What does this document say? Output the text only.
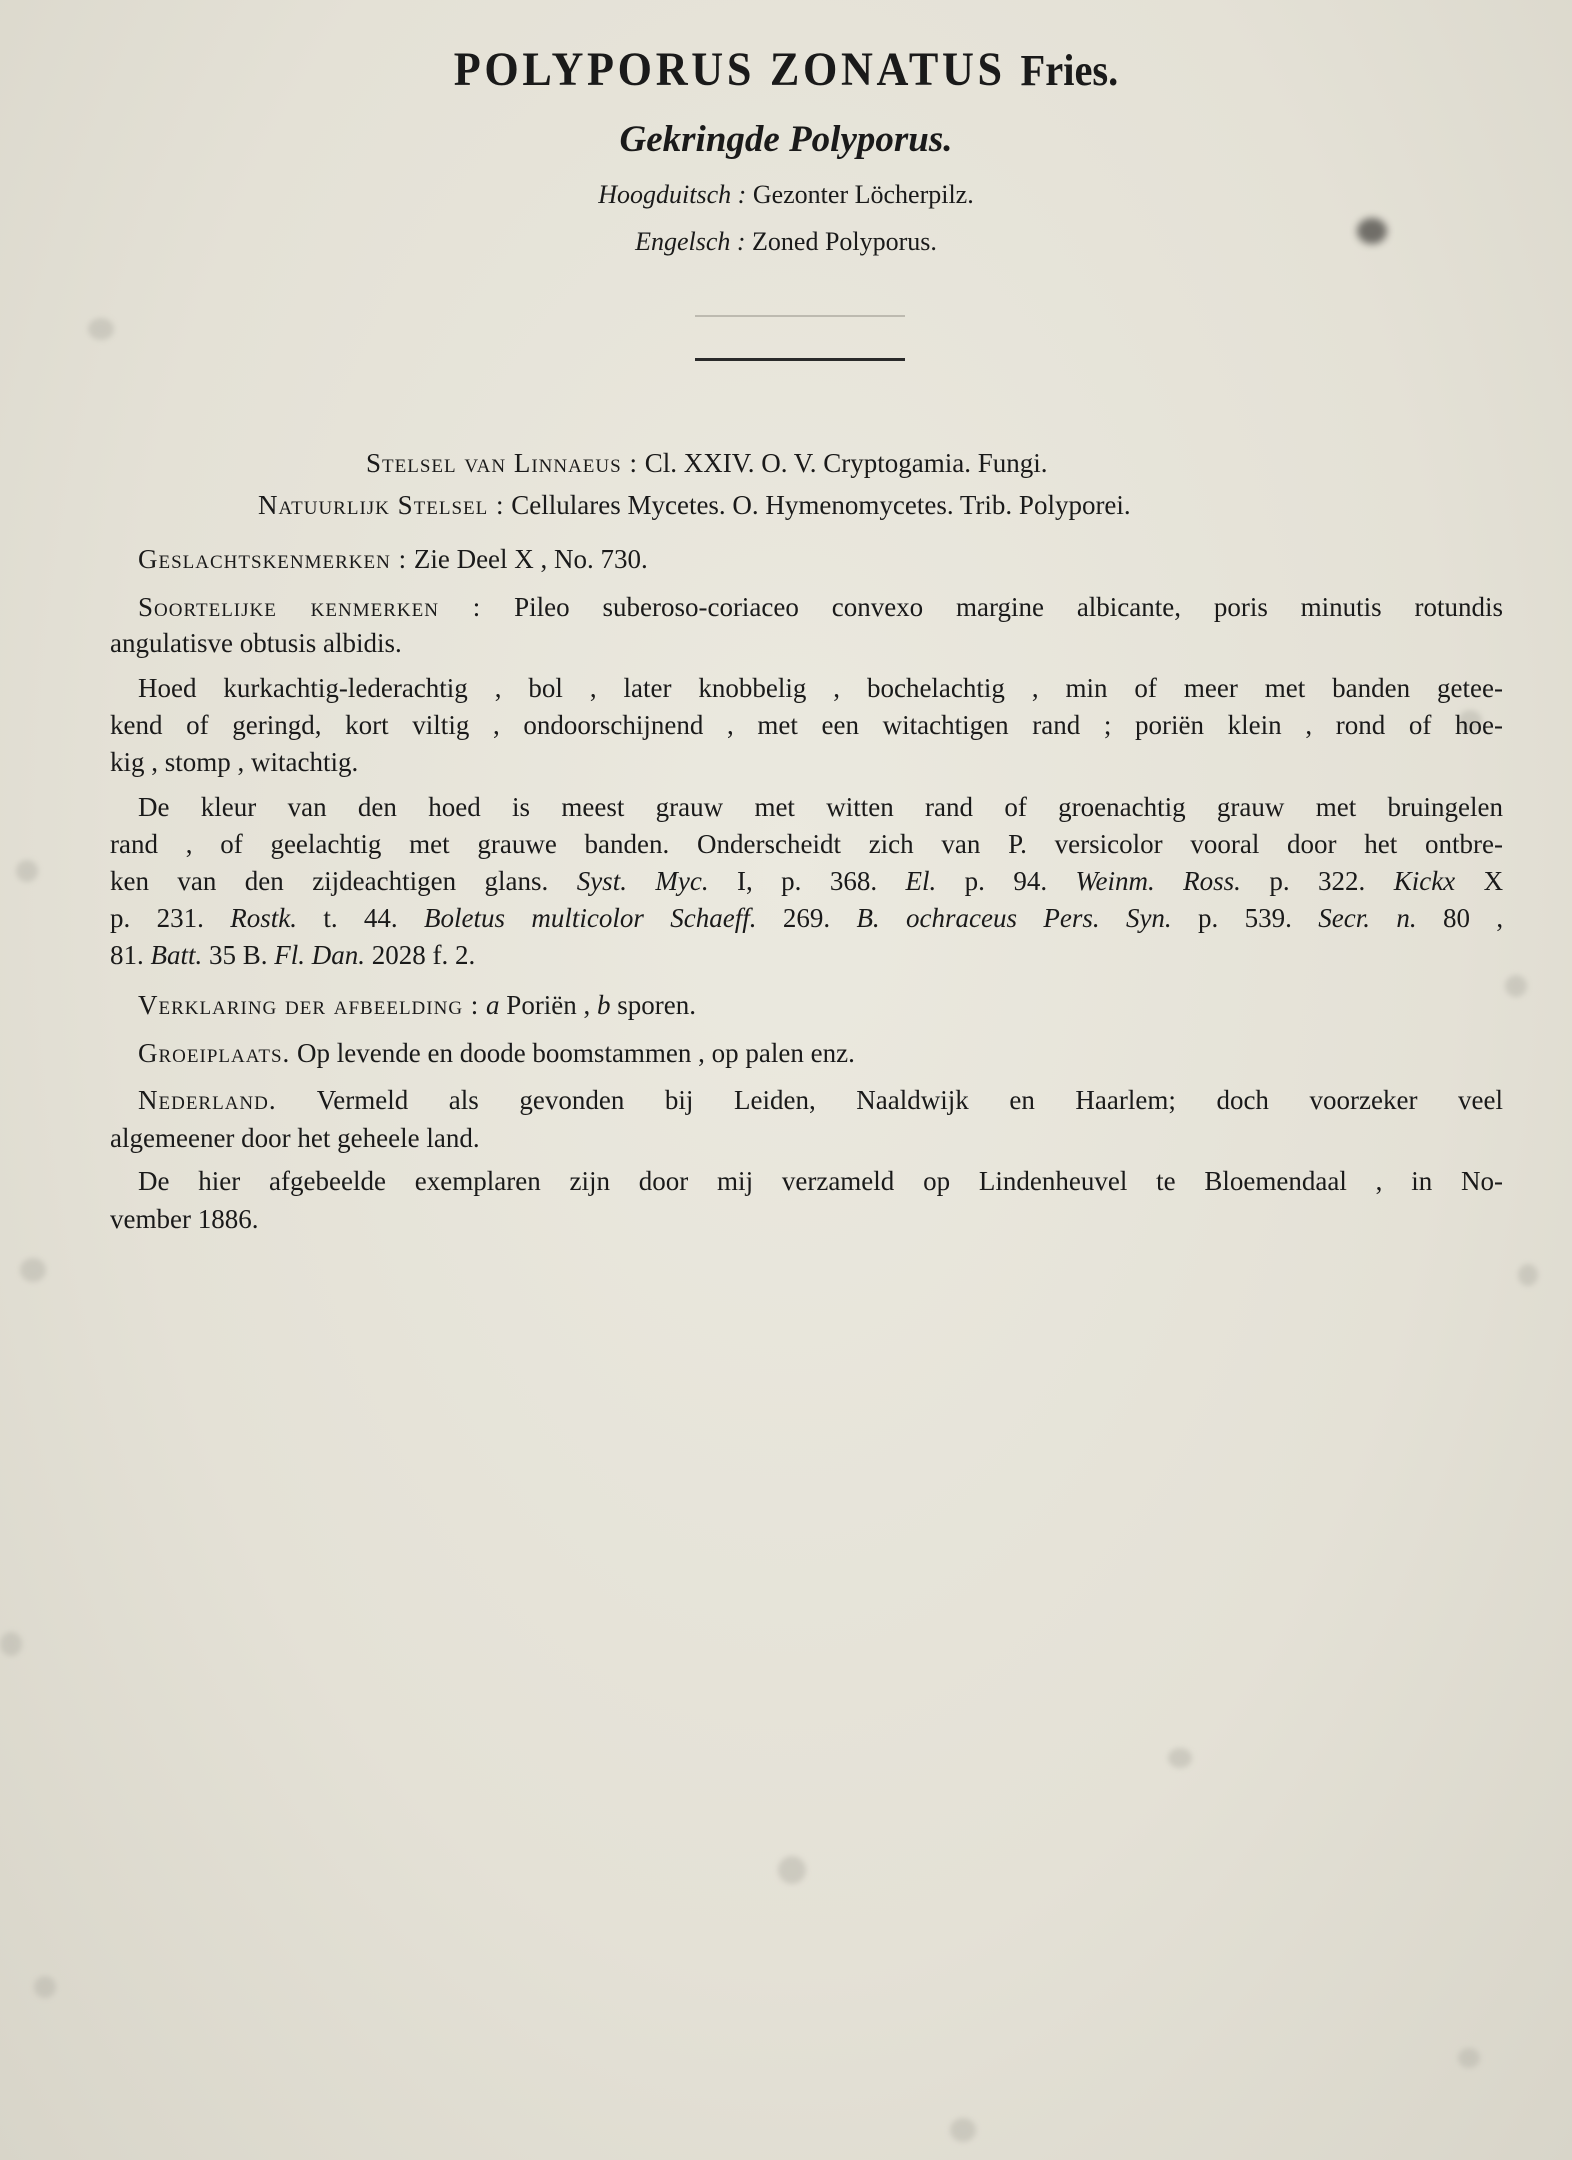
POLYPORUS ZONATUS Fries.
Gekringde Polyporus.
Hoogduitsch : Gezonter Löcherpilz.
Engelsch : Zoned Polyporus.
Stelsel van Linnaeus : Cl. XXIV. O. V. Cryptogamia. Fungi.
Natuurlijk Stelsel : Cellulares Mycetes. O. Hymenomycetes. Trib. Polyporei.
Geslachtskenmerken : Zie Deel X , No. 730.
Soortelijke kenmerken : Pileo suberoso-coriaceo convexo margine albicante, poris minutis rotundis
angulatisve obtusis albidis.
Hoed kurkachtig-lederachtig , bol , later knobbelig , bochelachtig , min of meer met banden getee-
kend of geringd, kort viltig , ondoorschijnend , met een witachtigen rand ; poriën klein , rond of hoe-
kig , stomp , witachtig.
De kleur van den hoed is meest grauw met witten rand of groenachtig grauw met bruingelen
rand , of geelachtig met grauwe banden. Onderscheidt zich van P. versicolor vooral door het ontbre-
ken van den zijdeachtigen glans. Syst. Myc. I, p. 368. El. p. 94. Weinm. Ross. p. 322. Kickx X
p. 231. Rostk. t. 44. Boletus multicolor Schaeff. 269. B. ochraceus Pers. Syn. p. 539. Secr. n. 80 ,
81. Batt. 35 B. Fl. Dan. 2028 f. 2.
Verklaring der afbeelding : a Poriën , b sporen.
Groeiplaats. Op levende en doode boomstammen , op palen enz.
Nederland. Vermeld als gevonden bij Leiden, Naaldwijk en Haarlem; doch voorzeker veel
algemeener door het geheele land.
De hier afgebeelde exemplaren zijn door mij verzameld op Lindenheuvel te Bloemendaal , in No-
vember 1886.
